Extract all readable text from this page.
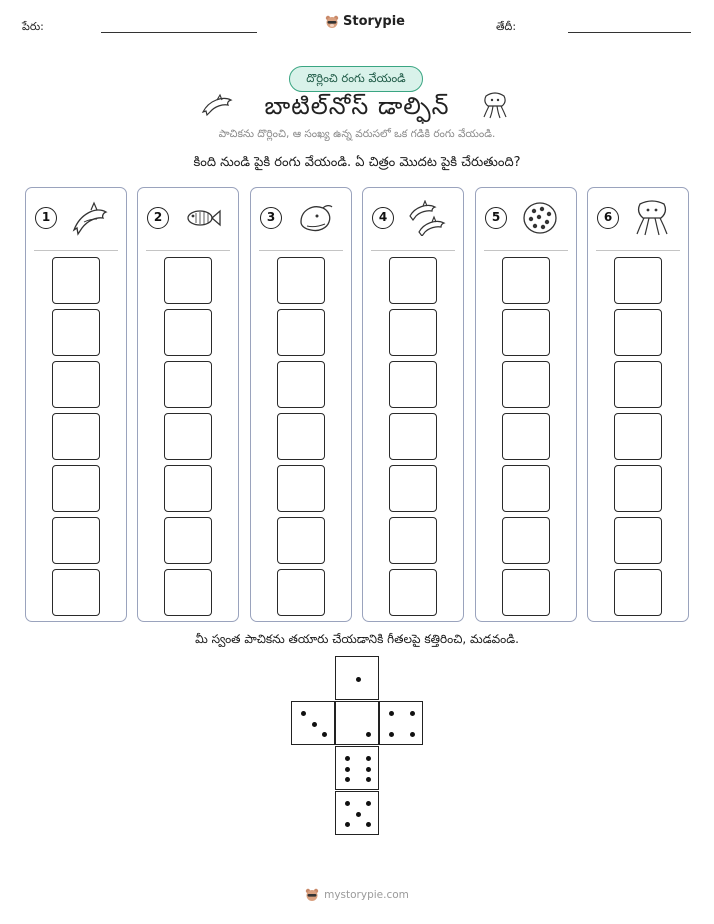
పేరు:	Storypie	తేదీ:
దొర్లించి రంగు వేయండి
బాటిల్‌నోస్ డాల్ఫిన్
పాచికను దొర్లించి, ఆ సంఖ్య ఉన్న వరుసలో ఒక గడికి రంగు వేయండి.
కింది నుండి పైకి రంగు వేయండి. ఏ చిత్రం మొదట పైకి చేరుతుంది?
1	2	3	4	5	6
మీ స్వంత పాచికను తయారు చేయడానికి గీతలపై కత్తిరించి, మడవండి.
mystorypie.com
